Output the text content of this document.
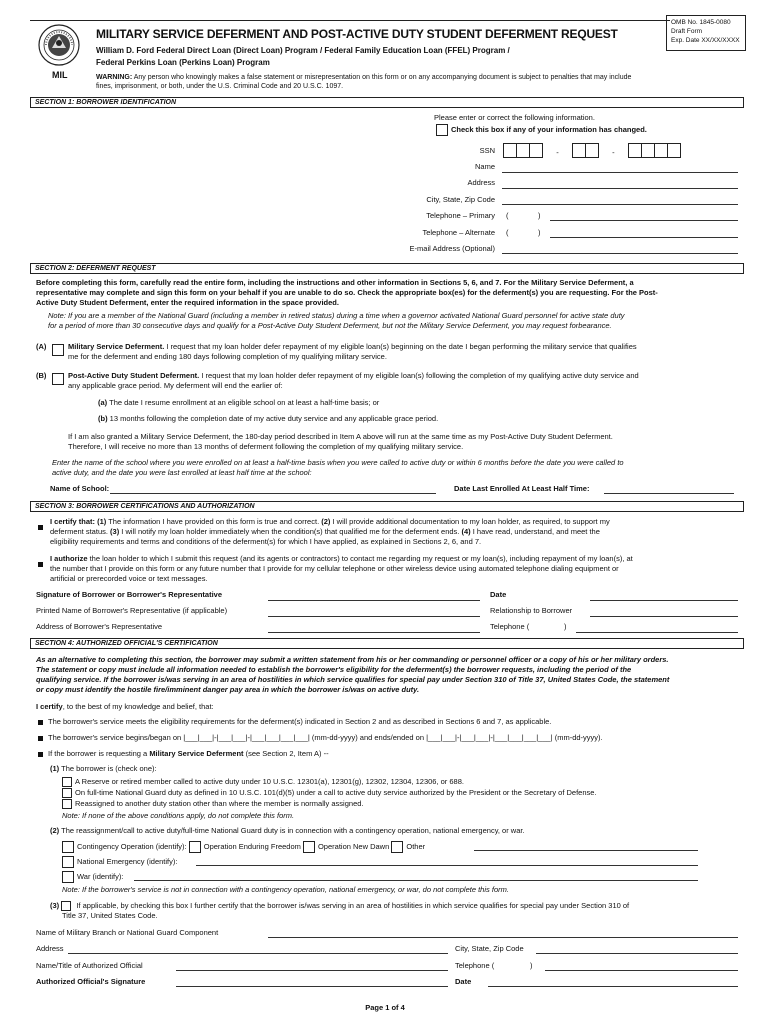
MIL
MILITARY SERVICE DEFERMENT AND POST-ACTIVE DUTY STUDENT DEFERMENT REQUEST
William D. Ford Federal Direct Loan (Direct Loan) Program / Federal Family Education Loan (FFEL) Program /
Federal Perkins Loan (Perkins Loan) Program
WARNING: Any person who knowingly makes a false statement or misrepresentation on this form or on any accompanying document is subject to penalties that may include
fines, imprisonment, or both, under the U.S. Criminal Code and 20 U.S.C. 1097.
OMB No. 1845-0080
Draft Form
Exp. Date XX/XX/XXXX
SECTION 1: BORROWER IDENTIFICATION
Please enter or correct the following information.
Check this box if any of your information has changed.
SSN	-	-
Name
Address
City, State, Zip Code
Telephone – Primary (	)
Telephone – Alternate (	)
E-mail Address (Optional)
SECTION 2: DEFERMENT REQUEST
Before completing this form, carefully read the entire form, including the instructions and other information in Sections 5, 6, and 7. For the Military Service Deferment, a
representative may complete and sign this form on your behalf if you are unable to do so. Check the appropriate box(es) for the deferment(s) you are requesting. For the Post-
Active Duty Student Deferment, enter the required information in the space provided.
Note: If you are a member of the National Guard (including a member in retired status) during a time when a governor activated National Guard personnel for active state duty
for a period of more than 30 consecutive days and qualify for a Post-Active Duty Student Deferment, but not the Military Service Deferment, you may request forbearance.
(A)	Military Service Deferment. I request that my loan holder defer repayment of my eligible loan(s) beginning on the date I began performing the military service that qualifies
me for the deferment and ending 180 days following completion of my qualifying military service.
(B)	Post-Active Duty Student Deferment. I request that my loan holder defer repayment of my eligible loan(s) following the completion of my qualifying active duty service and
any applicable grace period. My deferment will end the earlier of:
(a) The date I resume enrollment at an eligible school on at least a half-time basis; or
(b) 13 months following the completion date of my active duty service and any applicable grace period.
If I am also granted a Military Service Deferment, the 180-day period described in Item A above will run at the same time as my Post-Active Duty Student Deferment.
Therefore, I will receive no more than 13 months of deferment following the completion of my qualifying military service.
Enter the name of the school where you were enrolled on at least a half-time basis when you were called to active duty or within 6 months before the date you were called to
active duty, and the date you were last enrolled at least half time at the school:
Name of School:	Date Last Enrolled At Least Half Time:
SECTION 3: BORROWER CERTIFICATIONS AND AUTHORIZATION
I certify that: (1) The information I have provided on this form is true and correct. (2) I will provide additional documentation to my loan holder, as required, to support my
deferment status. (3) I will notify my loan holder immediately when the condition(s) that qualified me for the deferment ends. (4) I have read, understand, and meet the
eligibility requirements and terms and conditions of the deferment(s) for which I have applied, as explained in Sections 2, 6, and 7.
I authorize the loan holder to which I submit this request (and its agents or contractors) to contact me regarding my request or my loan(s), including repayment of my loan(s), at
the number that I provide on this form or any future number that I provide for my cellular telephone or other wireless device using automated telephone dialing equipment or
artificial or prerecorded voice or text messages.
Signature of Borrower or Borrower's Representative	Date
Printed Name of Borrower's Representative (if applicable)	Relationship to Borrower
Address of Borrower's Representative	Telephone (	)
SECTION 4: AUTHORIZED OFFICIAL'S CERTIFICATION
As an alternative to completing this section, the borrower may submit a written statement from his or her commanding or personnel officer or a copy of his or her military orders.
The statement or copy must include all information needed to establish the borrower's eligibility for the deferment(s) the borrower requests, including the period of the
qualifying service. If the borrower is/was serving in an area of hostilities in which service qualifies for special pay under Section 310 of Title 37, United States Code, the statement
or copy must identify the hostile fire/imminent danger pay area in which the borrower is/was on active duty.
I certify, to the best of my knowledge and belief, that:
The borrower's service meets the eligibility requirements for the deferment(s) indicated in Section 2 and as described in Sections 6 and 7, as applicable.
The borrower's service begins/began on |___|___|-|___|___|-|___|___|___|___| (mm-dd-yyyy) and ends/ended on |___|___|-|___|___|-|___|___|___|___| (mm-dd-yyyy).
If the borrower is requesting a Military Service Deferment (see Section 2, Item A) --
(1) The borrower is (check one):
A Reserve or retired member called to active duty under 10 U.S.C. 12301(a), 12301(g), 12302, 12304, 12306, or 688.
On full-time National Guard duty as defined in 10 U.S.C. 101(d)(5) under a call to active duty service authorized by the President or the Secretary of Defense.
Reassigned to another duty station other than where the member is normally assigned.
Note: If none of the above conditions apply, do not complete this form.
(2) The reassignment/call to active duty/full-time National Guard duty is in connection with a contingency operation, national emergency, or war.
Contingency Operation (identify): Operation Enduring Freedom Operation New Dawn Other
National Emergency (identify):
War (identify):
Note: If the borrower's service is not in connection with a contingency operation, national emergency, or war, do not complete this form.
(3)  If applicable, by checking this box I further certify that the borrower is/was serving in an area of hostilities in which service qualifies for special pay under Section 310 of
Title 37, United States Code.
Name of Military Branch or National Guard Component
Address	City, State, Zip Code
Name/Title of Authorized Official	Telephone (	)
Authorized Official's Signature	Date
Page 1 of 4
